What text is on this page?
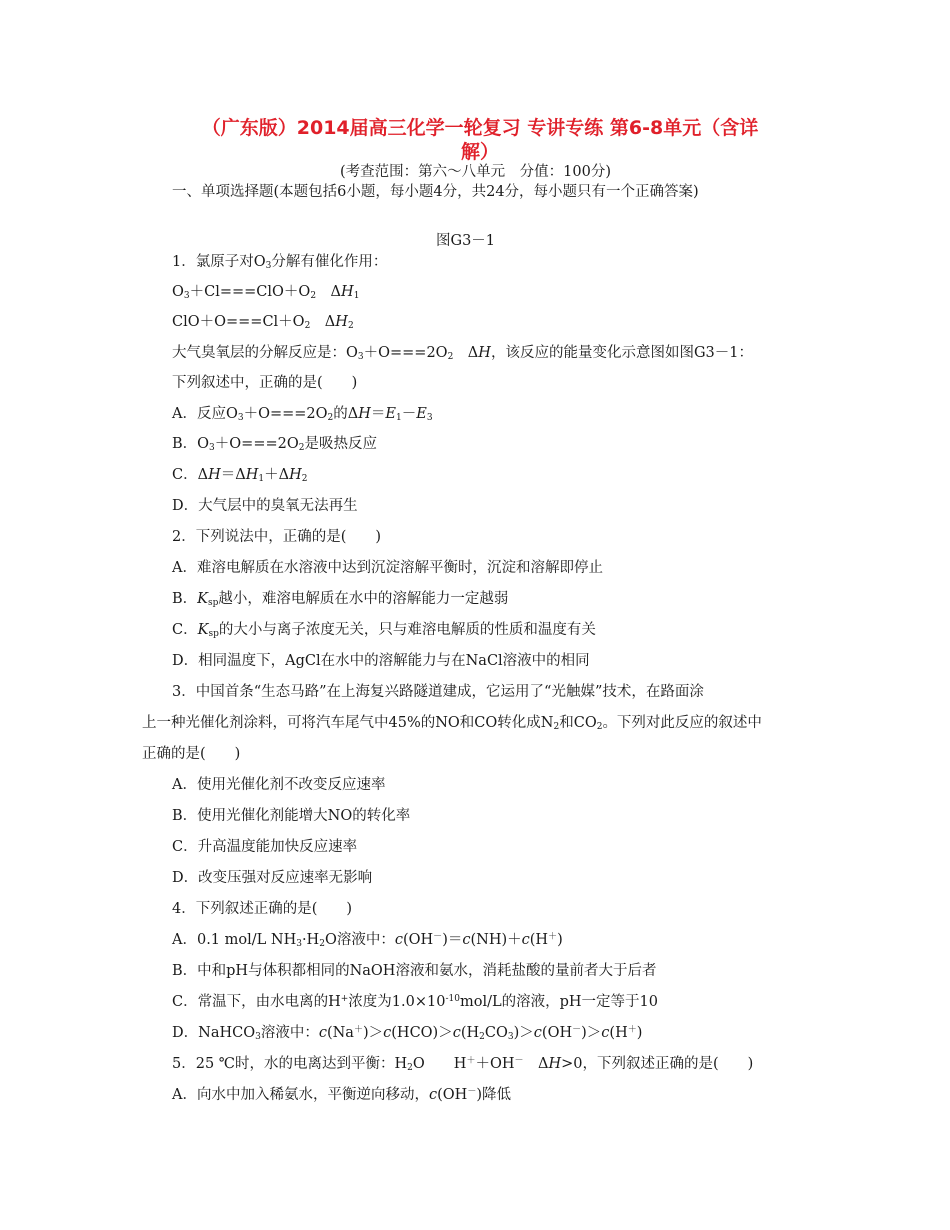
（广东版）2014届高三化学一轮复习 专讲专练 第6-8单元（含详
解）
(考查范围：第六～八单元　分值：100分)
一、单项选择题(本题包括6小题，每小题4分，共24分，每小题只有一个正确答案)
图G3－1
1．氯原子对$O_3$分解有催化作用：
$O_3+Cl===ClO+O_2$　$\Delta H_1$
$ClO+O===Cl+O_2$　$\Delta H_2$
大气臭氧层的分解反应是：$O_3+O===2O_2$　ΔH，该反应的能量变化示意图如图G3－1：
下列叙述中，正确的是(　　)
A．反应$O_3+O===2O_2$的$\Delta H=E_1-E_3$
B．$O_3+O===2O_2$是吸热反应
C．$\Delta H=\Delta H_1+\Delta H_2$
D．大气层中的臭氧无法再生
2．下列说法中，正确的是(　　)
A．难溶电解质在水溶液中达到沉淀溶解平衡时，沉淀和溶解即停止
B．$K_{sp}$越小，难溶电解质在水中的溶解能力一定越弱
C．$K_{sp}$的大小与离子浓度无关，只与难溶电解质的性质和温度有关
D．相同温度下，AgCl在水中的溶解能力与在NaCl溶液中的相同
3．中国首条“生态马路”在上海复兴路隧道建成，它运用了“光触媒”技术，在路面涂
上一种光催化剂涂料，可将汽车尾气中45%的NO和CO转化成$N_2$和$CO_2$。下列对此反应的叙述中
正确的是(　　)
A．使用光催化剂不改变反应速率
B．使用光催化剂能增大NO的转化率
C．升高温度能加快反应速率
D．改变压强对反应速率无影响
4．下列叙述正确的是(　　)
A．0.1 mol/L $NH_3\cdot H_2O$溶液中：c(OH－)＝c(NH)＋c(H＋)
B．中和pH与体积都相同的NaOH溶液和氨水，消耗盐酸的量前者大于后者
C．常温下，由水电离的H+浓度为$1.0\times 10^{-10}mol/L$的溶液，pH一定等于10
D．NaHCO$_3$溶液中：$c(Na^+)>c(HCO)>c(H_2CO_3)>c(OH^-)>c(H^+)$
5．25 ℃时，水的电离达到平衡：$H_2O$　　H＋＋OH－　ΔH>0，下列叙述正确的是(　　)
A．向水中加入稀氨水，平衡逆向移动，c(OH－)降低
